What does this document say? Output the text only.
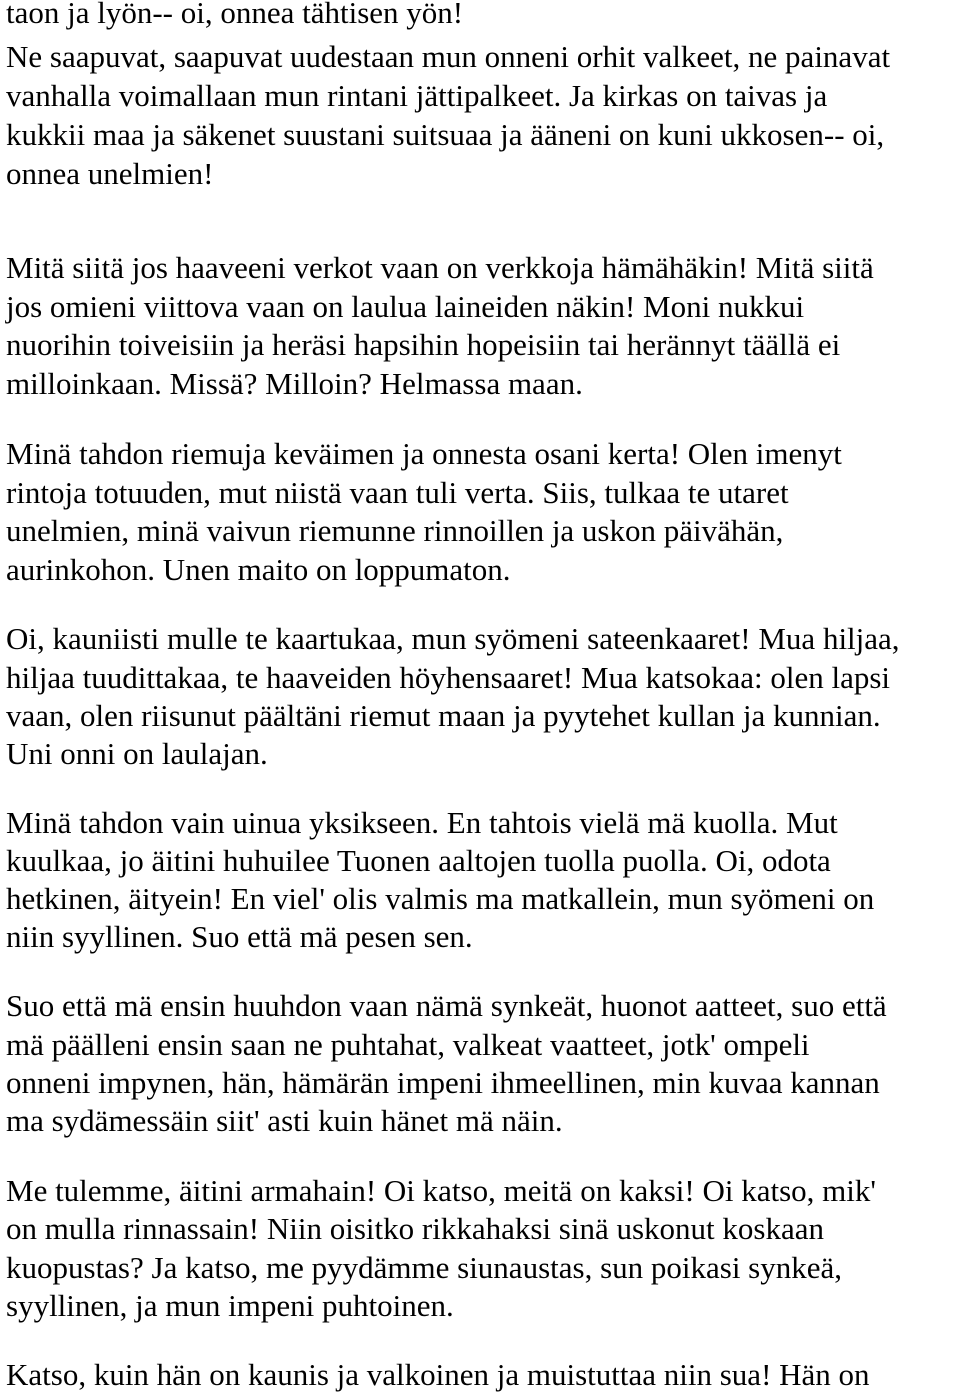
taon ja lyön-- oi, onnea tähtisen yön!
Ne saapuvat, saapuvat uudestaan mun onneni orhit valkeet, ne painavat
vanhalla voimallaan mun rintani jättipalkeet. Ja kirkas on taivas ja
kukkii maa ja säkenet suustani suitsuaa ja ääneni on kuni ukkosen-- oi,
onnea unelmien!
Mitä siitä jos haaveeni verkot vaan on verkkoja hämähäkin! Mitä siitä
jos omieni viittova vaan on laulua laineiden näkin! Moni nukkui
nuorihin toiveisiin ja heräsi hapsihin hopeisiin tai herännyt täällä ei
milloinkaan. Missä? Milloin? Helmassa maan.
Minä tahdon riemuja keväimen ja onnesta osani kerta! Olen imenyt
rintoja totuuden, mut niistä vaan tuli verta. Siis, tulkaa te utaret
unelmien, minä vaivun riemunne rinnoillen ja uskon päivähän,
aurinkohon. Unen maito on loppumaton.
Oi, kauniisti mulle te kaartukaa, mun syömeni sateenkaaret! Mua hiljaa,
hiljaa tuudittakaa, te haaveiden höyhensaaret! Mua katsokaa: olen lapsi
vaan, olen riisunut päältäni riemut maan ja pyytehet kullan ja kunnian.
Uni onni on laulajan.
Minä tahdon vain uinua yksikseen. En tahtois vielä mä kuolla. Mut
kuulkaa, jo äitini huhuilee Tuonen aaltojen tuolla puolla. Oi, odota
hetkinen, äityein! En viel' olis valmis ma matkallein, mun syömeni on
niin syyllinen. Suo että mä pesen sen.
Suo että mä ensin huuhdon vaan nämä synkeät, huonot aatteet, suo että
mä päälleni ensin saan ne puhtahat, valkeat vaatteet, jotk' ompeli
onneni impynen, hän, hämärän impeni ihmeellinen, min kuvaa kannan
ma sydämessäin siit' asti kuin hänet mä näin.
Me tulemme, äitini armahain! Oi katso, meitä on kaksi! Oi katso, mik'
on mulla rinnassain! Niin oisitko rikkahaksi sinä uskonut koskaan
kuopustas? Ja katso, me pyydämme siunaustas, sun poikasi synkeä,
syyllinen, ja mun impeni puhtoinen.
Katso, kuin hän on kaunis ja valkoinen ja muistuttaa niin sua! Hän on
